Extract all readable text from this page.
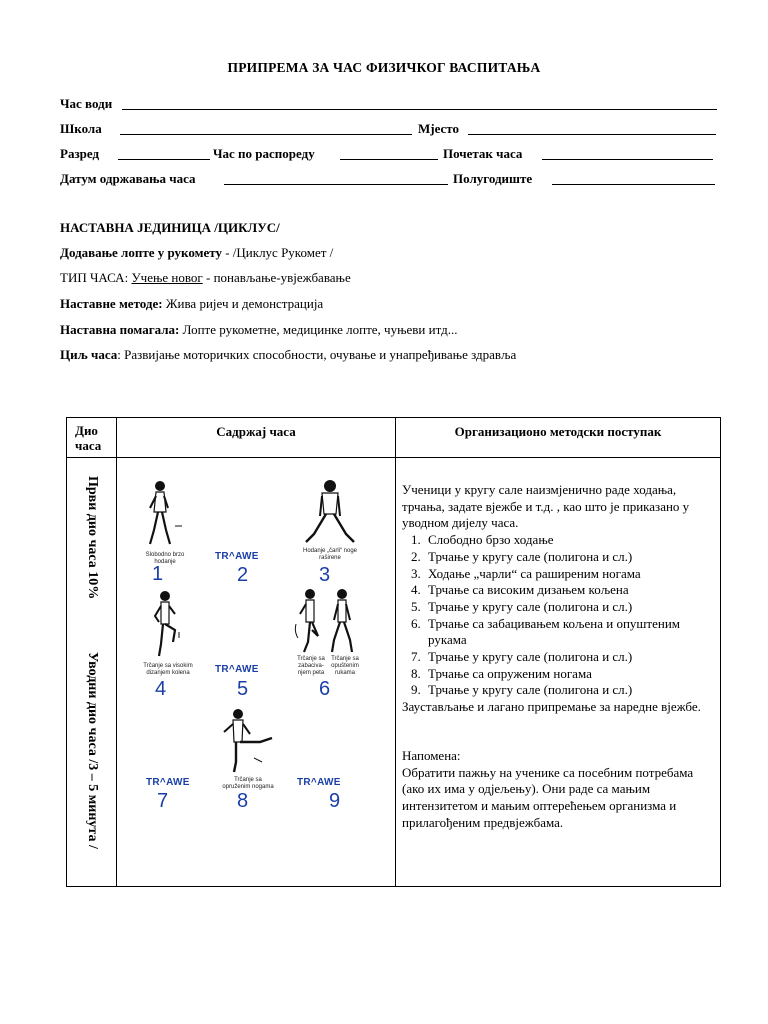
ПРИПРЕМА ЗА ЧАС ФИЗИЧКОГ ВАСПИТАЊА
Час води
Школа	Мјесто
Разред	Час по распореду	Почетак часа
Датум одржавања часа	Полугодиште
НАСТАВНА ЈЕДИНИЦА /ЦИКЛУС/
Додавање лопте у рукомету - /Циклус Рукомет /
ТИП ЧАСА: Учење новог - понављање-увјежбавање
Наставне методе: Жива ријеч и демонстрација
Наставна помагала: Лопте рукометне, медицинке лопте, чуњеви итд...
Циљ часа: Развијање моторичких способности, очување и унапређивање здравља
Дио часа	Садржај часа	Организационо методски поступак

Први дио часа 10%
Уводни дио часа /3 – 5 минута /
Slobodno brzo hodanje
1
TR^AWE
2
Hodanje „čarli“ noge raširene
3
Trčanje sa visokim dizanjem kolena
4
TR^AWE
5
Trčanje sa zabaciva-njem peta
Trčanje sa opuštenim rukama
6
TR^AWE
7
Trčanje sa opruženim nogama
8
TR^AWE
9
Ученици у кругу сале наизмјенично раде ходања, трчања, задате вјежбе и т.д. , као што је приказано у уводном дијелу часа.
1. Слободно брзо ходање
2. Трчање у кругу сале (полигона и сл.)
3. Ходање „чарли“ са раширеним ногама
4. Трчање са високим дизањем кољена
5. Трчање у кругу сале (полигона и сл.)
6. Трчање са забацивањем кољена и опуштеним рукама
7. Трчање у кругу сале (полигона и сл.)
8. Трчање са опруженим ногама
9. Трчање у кругу сале (полигона и сл.)
Заустављање и лагано припремање за наредне вјежбе.
Напомена:
Обратити пажњу на ученике са посебним потребама (ако их има у одјељењу). Они раде са мањим интензитетом и мањим оптерећењем организма и прилагођеним предвјежбама.
